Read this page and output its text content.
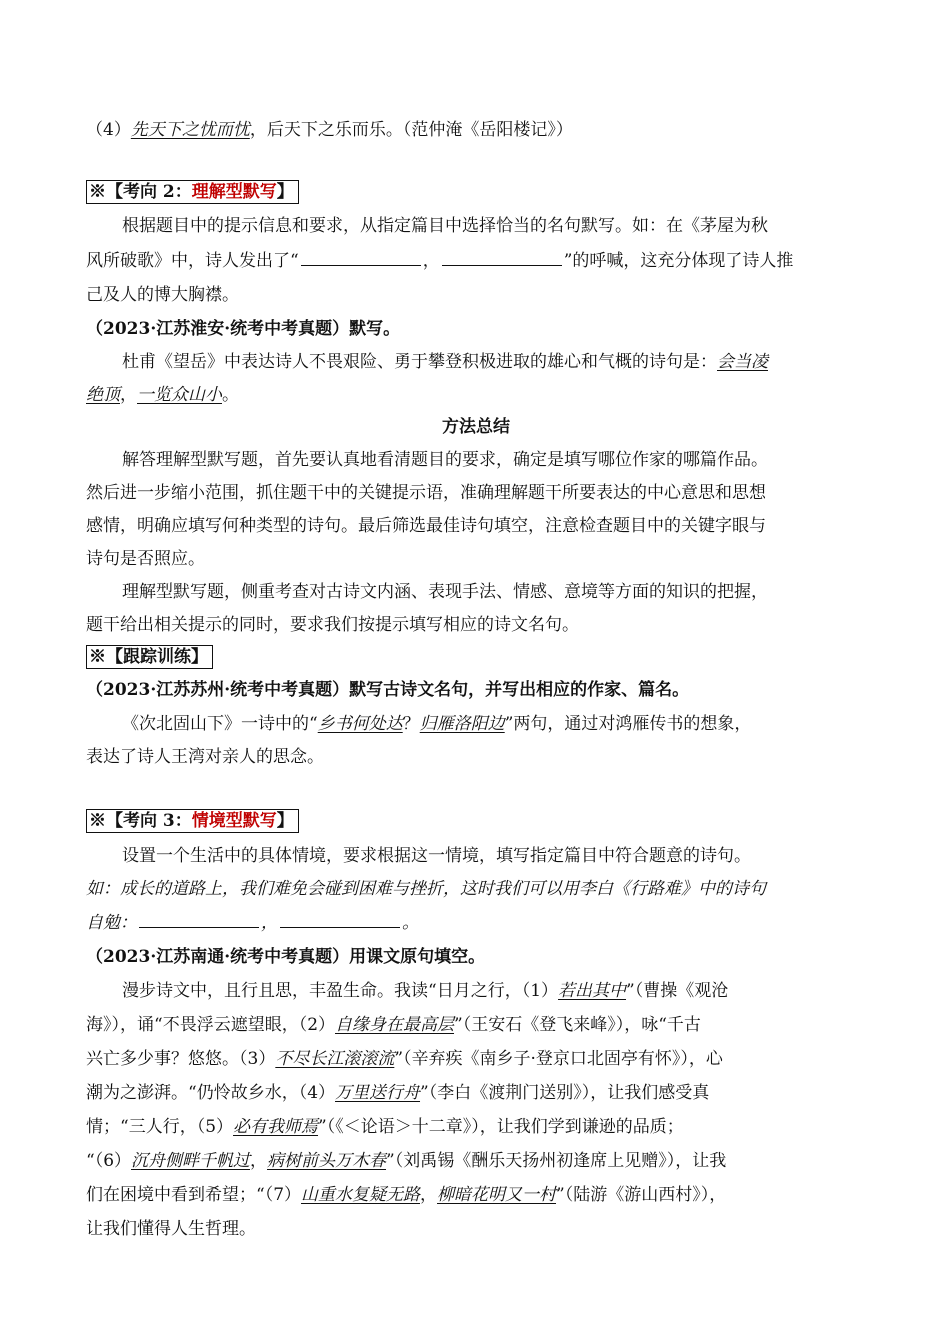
（4）先天下之忧而忧，后天下之乐而乐。（范仲淹《岳阳楼记》）
※【考向 2：理解型默写】
根据题目中的提示信息和要求，从指定篇目中选择恰当的名句默写。如：在《茅屋为秋
风所破歌》中，诗人发出了“	，	”的呼喊，这充分体现了诗人推
己及人的博大胸襟。
（2023·江苏淮安·统考中考真题）默写。
杜甫《望岳》中表达诗人不畏艰险、勇于攀登积极进取的雄心和气概的诗句是：会当凌
绝顶，一览众山小。
方法总结
解答理解型默写题，首先要认真地看清题目的要求，确定是填写哪位作家的哪篇作品。
然后进一步缩小范围，抓住题干中的关键提示语，准确理解题干所要表达的中心意思和思想
感情，明确应填写何种类型的诗句。最后筛选最佳诗句填空，注意检查题目中的关键字眼与
诗句是否照应。
理解型默写题，侧重考查对古诗文内涵、表现手法、情感、意境等方面的知识的把握，
题干给出相关提示的同时，要求我们按提示填写相应的诗文名句。
※【跟踪训练】
（2023·江苏苏州·统考中考真题）默写古诗文名句，并写出相应的作家、篇名。
《次北固山下》一诗中的“乡书何处达？归雁洛阳边”两句，通过对鸿雁传书的想象，
表达了诗人王湾对亲人的思念。
※【考向 3：情境型默写】
设置一个生活中的具体情境，要求根据这一情境，填写指定篇目中符合题意的诗句。
如：成长的道路上，我们难免会碰到困难与挫折，这时我们可以用李白《行路难》中的诗句
自勉：	，	。
（2023·江苏南通·统考中考真题）用课文原句填空。
漫步诗文中，且行且思，丰盈生命。我读“日月之行，（1）若出其中”（曹操《观沧
海》），诵“不畏浮云遮望眼，（2）自缘身在最高层”（王安石《登飞来峰》），咏“千古
兴亡多少事？悠悠。（3）不尽长江滚滚流”（辛弃疾《南乡子·登京口北固亭有怀》），心
潮为之澎湃。“仍怜故乡水，（4）万里送行舟”（李白《渡荆门送别》），让我们感受真
情；“三人行，（5）必有我师焉”（《＜论语＞十二章》），让我们学到谦逊的品质；
“（6）沉舟侧畔千帆过，病树前头万木春”（刘禹锡《酬乐天扬州初逢席上见赠》），让我
们在困境中看到希望；“（7）山重水复疑无路，柳暗花明又一村”（陆游《游山西村》），
让我们懂得人生哲理。
